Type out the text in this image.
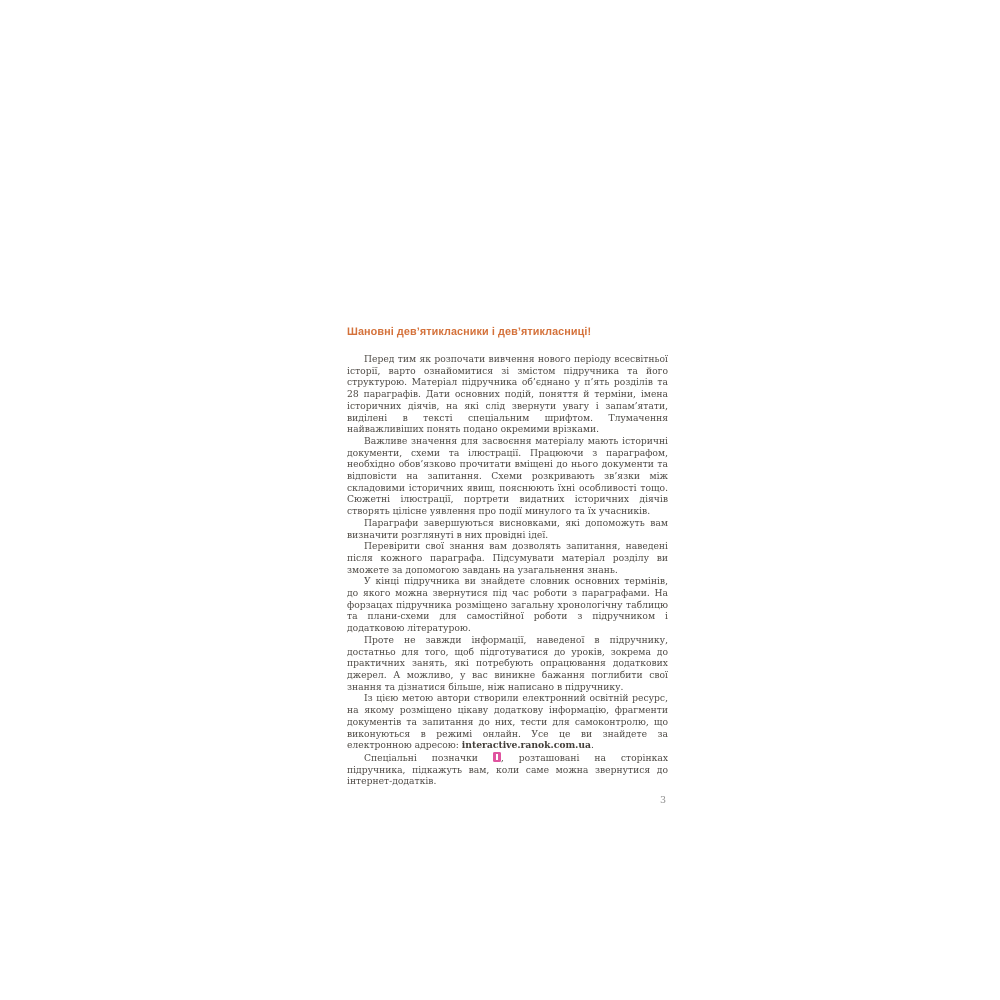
Шановні дев’ятикласники і дев’ятикласниці!

Перед тим як розпочати вивчення нового періоду всесвітньої історії, варто ознайомитися зі змістом підручника та його структурою. Матеріал підручника об’єднано у п’ять розділів та 28 параграфів. Дати основних подій, поняття й терміни, імена історичних діячів, на які слід звернути увагу і запам’ятати, виділені в тексті спеціальним шрифтом. Тлумачення найважливіших понять подано окремими врізками.

Важливе значення для засвоєння матеріалу мають історичні документи, схеми та ілюстрації. Працюючи з параграфом, необхідно обов’язково прочитати вміщені до нього документи та відповісти на запитання. Схеми розкривають зв’язки між складовими історичних явищ, пояснюють їхні особливості тощо. Сюжетні ілюстрації, портрети видатних історичних діячів створять цілісне уявлення про події минулого та їх учасників.

Параграфи завершуються висновками, які допоможуть вам визначити розглянуті в них провідні ідеї.

Перевірити свої знання вам дозволять запитання, наведені після кожного параграфа. Підсумувати матеріал розділу ви зможете за допомогою завдань на узагальнення знань.

У кінці підручника ви знайдете словник основних термінів, до якого можна звернутися під час роботи з параграфами. На форзацах підручника розміщено загальну хронологічну таблицю та плани-схеми для самостійної роботи з підручником і додатковою літературою.

Проте не завжди інформації, наведеної в підручнику, достатньо для того, щоб підготуватися до уроків, зокрема до практичних занять, які потребують опрацювання додаткових джерел. А можливо, у вас виникне бажання поглибити свої знання та дізнатися більше, ніж написано в підручнику.

Із цією метою автори створили електронний освітній ресурс, на якому розміщено цікаву додаткову інформацію, фрагменти документів та запитання до них, тести для самоконтролю, що виконуються в режимі онлайн. Усе це ви знайдете за електронною адресою: interactive.ranok.com.ua.

Спеціальні позначки , розташовані на сторінках підручника, підкажуть вам, коли саме можна звернутися до інтернет-додатків.

3
